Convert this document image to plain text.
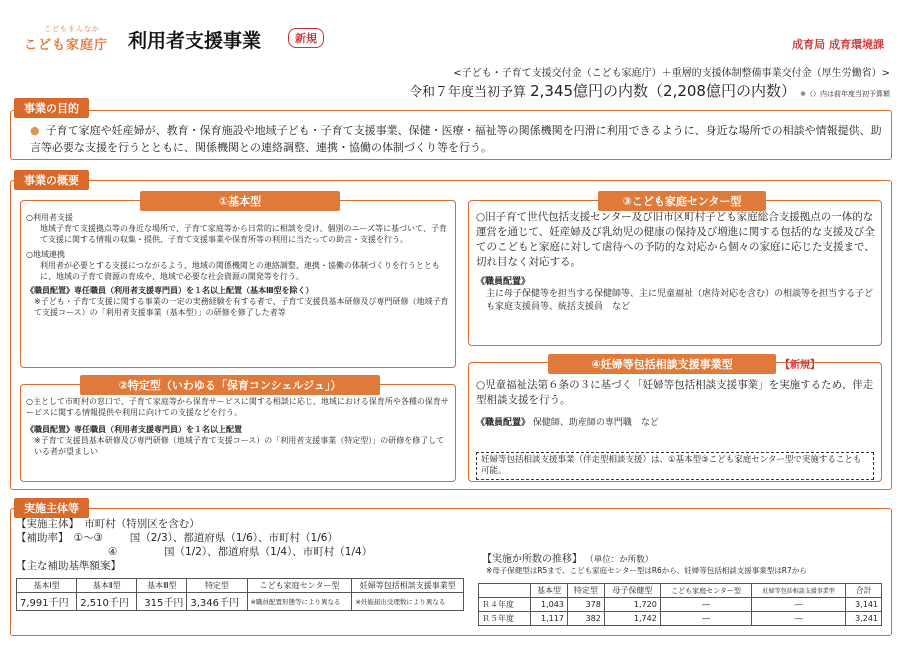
こどもまんなか
こども家庭庁 利用者支援事業	新規	成育局 成育環境課
<子ども・子育て支援交付金（こども家庭庁）＋重層的支援体制整備事業交付金（厚生労働省）>
令和７年度当初予算 2,345億円の内数（2,208億円の内数） ※（）内は前年度当初予算額
事業の目的
● 子育て家庭や妊産婦が、教育・保育施設や地域子ども・子育て支援事業、保健・医療・福祉等の関係機関を円滑に利用できるように、身近な場所での相談や情報提供、助言等必要な支援を行うとともに、関係機関との連絡調整、連携・協働の体制づくり等を行う。
事業の概要
①基本型
○利用者支援
地域子育て支援拠点等の身近な場所で、子育て家庭等から日常的に相談を受け、個別のニーズ等に基づいて、子育て支援に関する情報の収集・提供、子育て支援事業や保育所等の利用に当たっての助言・支援を行う。
○地域連携
利用者が必要とする支援につながるよう、地域の関係機関との連絡調整、連携・協働の体制づくりを行うとともに、地域の子育て資源の育成や、地域で必要な社会資源の開発等を行う。
《職員配置》専任職員（利用者支援専門員）を１名以上配置（基本Ⅲ型を除く）
※子ども・子育て支援に関する事業の一定の実務経験を有する者で、子育て支援員基本研修及び専門研修（地域子育て支援コース）の「利用者支援事業（基本型）」の研修を修了した者等
②特定型（いわゆる「保育コンシェルジュ」）
○主として市町村の窓口で、子育て家庭等から保育サービスに関する相談に応じ、地域における保育所や各種の保育サービスに関する情報提供や利用に向けての支援などを行う。
《職員配置》専任職員（利用者支援専門員）を１名以上配置
※子育て支援員基本研修及び専門研修（地域子育て支援コース）の「利用者支援事業（特定型）」の研修を修了している者が望ましい
③こども家庭センター型
○旧子育て世代包括支援センター及び旧市区町村子ども家庭総合支援拠点の一体的な運営を通じて、妊産婦及び乳幼児の健康の保持及び増進に関する包括的な支援及び全てのこどもと家庭に対して虐待への予防的な対応から個々の家庭に応じた支援まで、切れ目なく対応する。
《職員配置》
主に母子保健等を担当する保健師等、主に児童福祉（虐待対応を含む）の相談等を担当する子ども家庭支援員等、統括支援員　など
④妊婦等包括相談支援事業型	【新規】
○児童福祉法第６条の３に基づく「妊婦等包括相談支援事業」を実施するため、伴走型相談支援を行う。
《職員配置》 保健師、助産師の専門職　など
妊婦等包括相談支援事業（伴走型相談支援）は、①基本型③こども家庭センター型で実施することも可能。
実施主体等
【実施主体】　 市町村（特別区を含む）
【補助率】　 ①～③	国（2/3）、都道府県（1/6）、市町村（1/6）
④	国（1/2）、都道府県（1/4）、市町村（1/4）
【主な補助基準額案】
基本Ⅰ型	基本Ⅱ型	基本Ⅲ型	特定型	こども家庭センター型	妊婦等包括相談支援事業型
7,991千円	2,510千円	315千円	3,346千円	※職員配置形態等により異なる	※妊娠届出受理数により異なる
【実施か所数の推移】 （単位：か所数）
※母子保健型はR5まで、こども家庭センター型はR6から、妊婦等包括相談支援事業型はR7から
	基本型	特定型	母子保健型	こども家庭センター型	妊婦等包括相談支援事業型	合計
Ｒ４年度	1,043	378	1,720	―	―	3,141
Ｒ５年度	1,117	382	1,742	―	―	3,241
